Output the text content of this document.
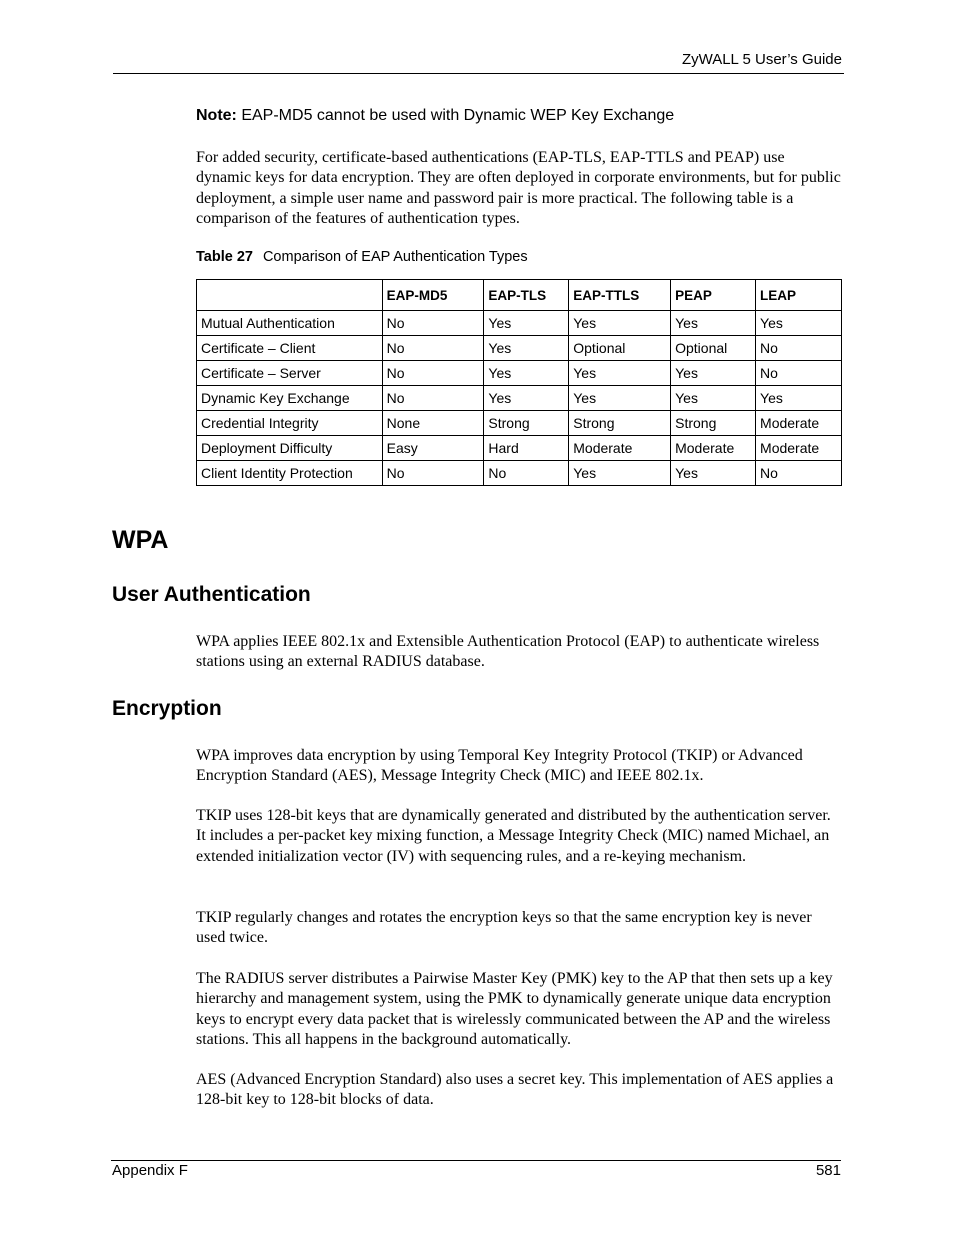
ZyWALL 5 User’s Guide
Note: EAP-MD5 cannot be used with Dynamic WEP Key Exchange

For added security, certificate-based authentications (EAP-TLS, EAP-TTLS and PEAP) use dynamic keys for data encryption. They are often deployed in corporate environments, but for public deployment, a simple user name and password pair is more practical. The following table is a comparison of the features of authentication types.

Table 27 Comparison of EAP Authentication Types
	EAP-MD5	EAP-TLS	EAP-TTLS	PEAP	LEAP
Mutual Authentication	No	Yes	Yes	Yes	Yes
Certificate – Client	No	Yes	Optional	Optional	No
Certificate – Server	No	Yes	Yes	Yes	No
Dynamic Key Exchange	No	Yes	Yes	Yes	Yes
Credential Integrity	None	Strong	Strong	Strong	Moderate
Deployment Difficulty	Easy	Hard	Moderate	Moderate	Moderate
Client Identity Protection	No	No	Yes	Yes	No
WPA
User Authentication

WPA applies IEEE 802.1x and Extensible Authentication Protocol (EAP) to authenticate wireless stations using an external RADIUS database.

Encryption

WPA improves data encryption by using Temporal Key Integrity Protocol (TKIP) or Advanced Encryption Standard (AES), Message Integrity Check (MIC) and IEEE 802.1x.

TKIP uses 128-bit keys that are dynamically generated and distributed by the authentication server. It includes a per-packet key mixing function, a Message Integrity Check (MIC) named Michael, an extended initialization vector (IV) with sequencing rules, and a re-keying mechanism.

TKIP regularly changes and rotates the encryption keys so that the same encryption key is never used twice.

The RADIUS server distributes a Pairwise Master Key (PMK) key to the AP that then sets up a key hierarchy and management system, using the PMK to dynamically generate unique data encryption keys to encrypt every data packet that is wirelessly communicated between the AP and the wireless stations. This all happens in the background automatically.

AES (Advanced Encryption Standard) also uses a secret key. This implementation of AES applies a 128-bit key to 128-bit blocks of data.

Appendix F	581
